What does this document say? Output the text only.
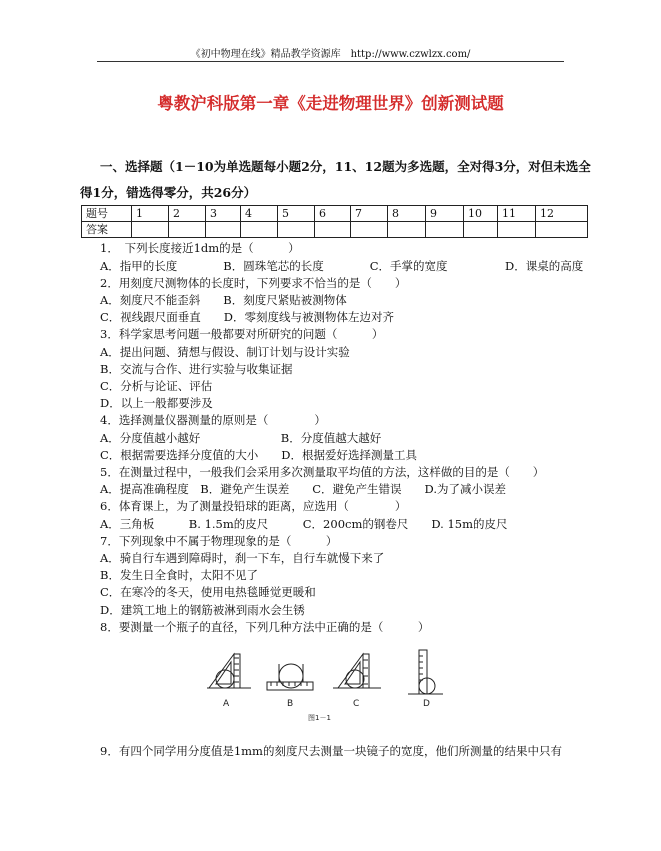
《初中物理在线》精品教学资源库　http://www.czwlzx.com/
粤教沪科版第一章《走进物理世界》创新测试题
一、选择题（1－10为单选题每小题2分，11、12题为多选题，全对得3分，对但未选全
得1分，错选得零分，共26分）
题号	1	2	3	4	5	6	7	8	9	10	11	12
答案												
1．　下列长度接近1dm的是（　　　）
A．指甲的长度　　　　B．圆珠笔芯的长度　　　　C．手掌的宽度　　　　　D．课桌的高度
2．用刻度尺测物体的长度时，下列要求不恰当的是（　　）
A．刻度尺不能歪斜　　B．刻度尺紧贴被测物体
C．视线跟尺面垂直　　D．零刻度线与被测物体左边对齐
3．科学家思考问题一般都要对所研究的问题（　　　）
A．提出问题、猜想与假设、制订计划与设计实验
B．交流与合作、进行实验与收集证据
C．分析与论证、评估
D．以上一般都要涉及
4．选择测量仪器测量的原则是（　　　　）
A．分度值越小越好　　　　　　　B．分度值越大越好
C．根据需要选择分度值的大小　　D．根据爱好选择测量工具
5．在测量过程中，一般我们会采用多次测量取平均值的方法，这样做的目的是（　　）
A．提高准确程度　B．避免产生误差　　C．避免产生错误　　D.为了减小误差
6．体育课上，为了测量投铅球的距离，应选用（　　　　）
A．三角板　　　B. 1.5m的皮尺　　　C．200cm的钢卷尺　　D. 15m的皮尺
7．下列现象中不属于物理现象的是（　　　）
A．骑自行车遇到障碍时，刹一下车，自行车就慢下来了
B．发生日全食时，太阳不见了
C．在寒冷的冬天，使用电热毯睡觉更暖和
D．建筑工地上的钢筋被淋到雨水会生锈
8．要测量一个瓶子的直径，下列几种方法中正确的是（　　　）
A	B	C	D
图1－1
9．有四个同学用分度值是1mm的刻度尺去测量一块镜子的宽度，他们所测量的结果中只有
